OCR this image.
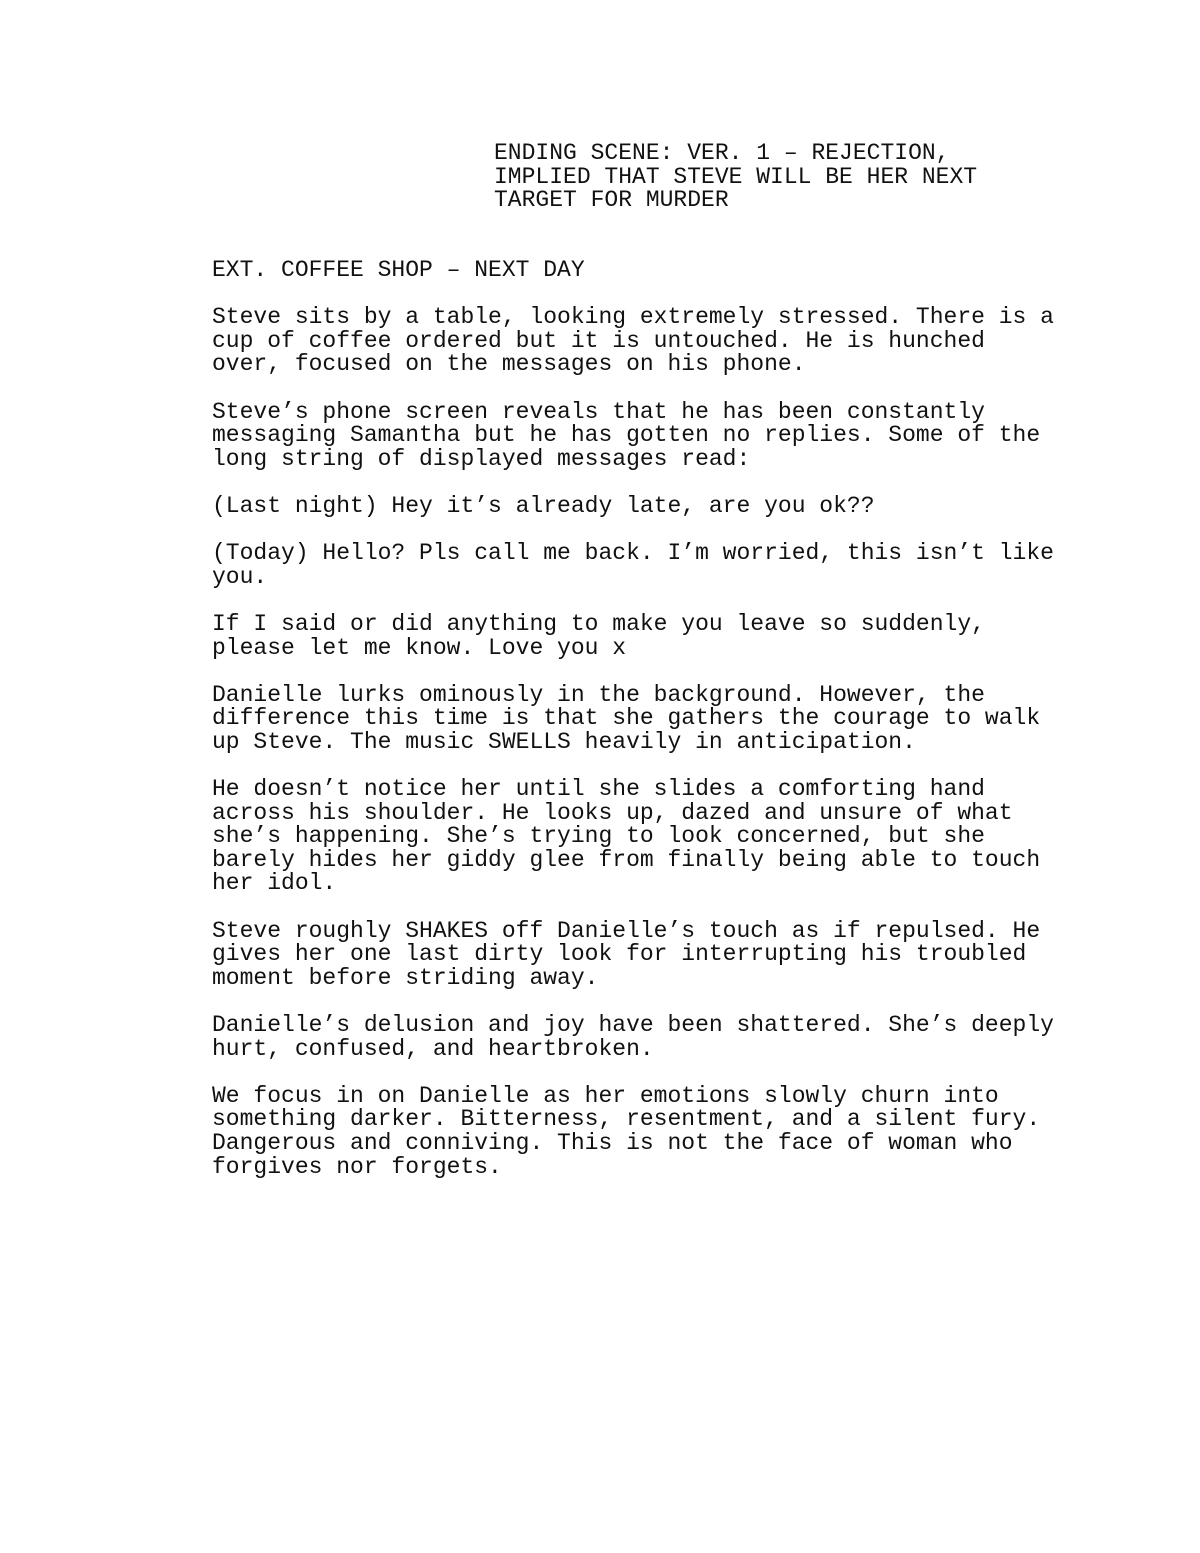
ENDING SCENE: VER. 1 – REJECTION,
IMPLIED THAT STEVE WILL BE HER NEXT
TARGET FOR MURDER
EXT. COFFEE SHOP – NEXT DAY
Steve sits by a table, looking extremely stressed. There is a
cup of coffee ordered but it is untouched. He is hunched
over, focused on the messages on his phone.
Steve’s phone screen reveals that he has been constantly
messaging Samantha but he has gotten no replies. Some of the
long string of displayed messages read:
(Last night) Hey it’s already late, are you ok??
(Today) Hello? Pls call me back. I’m worried, this isn’t like
you.
If I said or did anything to make you leave so suddenly,
please let me know. Love you x
Danielle lurks ominously in the background. However, the
difference this time is that she gathers the courage to walk
up Steve. The music SWELLS heavily in anticipation.
He doesn’t notice her until she slides a comforting hand
across his shoulder. He looks up, dazed and unsure of what
she’s happening. She’s trying to look concerned, but she
barely hides her giddy glee from finally being able to touch
her idol.
Steve roughly SHAKES off Danielle’s touch as if repulsed. He
gives her one last dirty look for interrupting his troubled
moment before striding away.
Danielle’s delusion and joy have been shattered. She’s deeply
hurt, confused, and heartbroken.
We focus in on Danielle as her emotions slowly churn into
something darker. Bitterness, resentment, and a silent fury.
Dangerous and conniving. This is not the face of woman who
forgives nor forgets.
